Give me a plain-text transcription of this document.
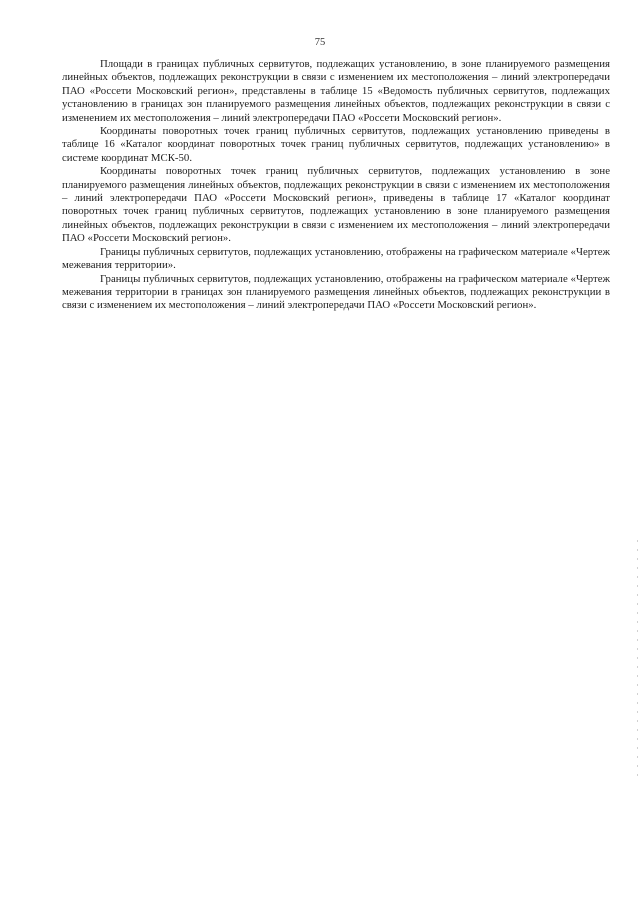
75

Площади в границах публичных сервитутов, подлежащих установлению, в зоне планируемого размещения линейных объектов, подлежащих реконструкции в связи с изменением их местоположения – линий электропередачи ПАО «Россети Московский регион», представлены в таблице 15 «Ведомость публичных сервитутов, подлежащих установлению в границах зон планируемого размещения линейных объектов, подлежащих реконструкции в связи с изменением их местоположения – линий электропередачи ПАО «Россети Московский регион».

Координаты поворотных точек границ публичных сервитутов, подлежащих установлению приведены в таблице 16 «Каталог координат поворотных точек границ публичных сервитутов, подлежащих установлению» в системе координат МСК-50.

Координаты поворотных точек границ публичных сервитутов, подлежащих установлению в зоне планируемого размещения линейных объектов, подлежащих реконструкции в связи с изменением их местоположения – линий электропередачи ПАО «Россети Московский регион», приведены в таблице 17 «Каталог координат поворотных точек границ публичных сервитутов, подлежащих установлению в зоне планируемого размещения линейных объектов, подлежащих реконструкции в связи с изменением их местоположения – линий электропередачи ПАО «Россети Московский регион».

Границы публичных сервитутов, подлежащих установлению, отображены на графическом материале «Чертеж межевания территории».

Границы публичных сервитутов, подлежащих установлению, отображены на графическом материале «Чертеж межевания территории в границах зон планируемого размещения линейных объектов, подлежащих реконструкции в связи с изменением их местоположения – линий электропередачи ПАО «Россети Московский регион».
